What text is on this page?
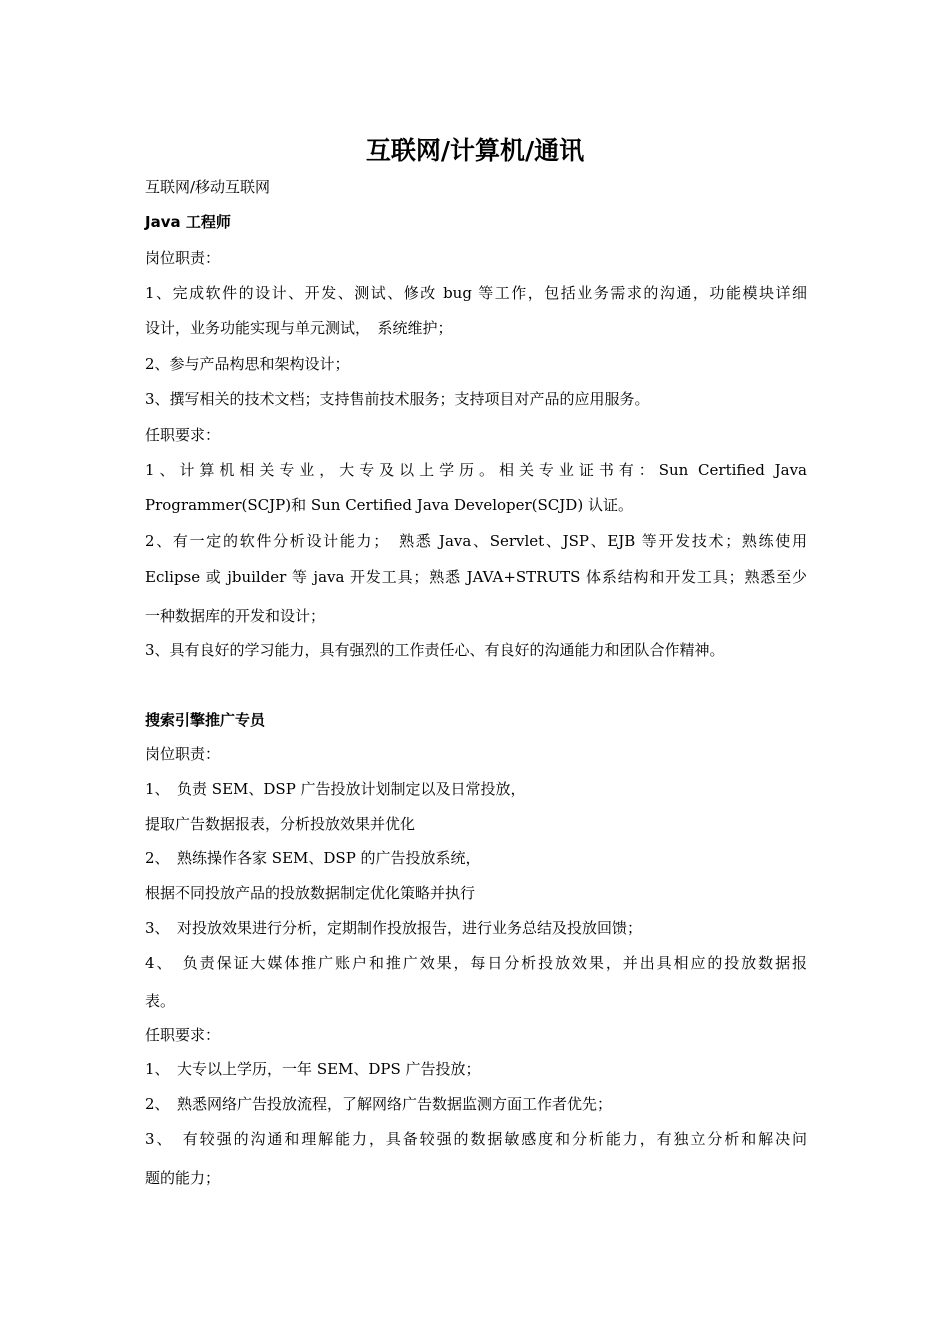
互联网/计算机/通讯
互联网/移动互联网
Java 工程师
岗位职责：
1、完成软件的设计、开发、测试、修改 bug 等工作，包括业务需求的沟通，功能模块详细
设计，业务功能实现与单元测试，　系统维护；
2、参与产品构思和架构设计；
3、撰写相关的技术文档；支持售前技术服务；支持项目对产品的应用服务。
任职要求：
1、计算机相关专业，大专及以上学历。相关专业证书有：Sun Certified Java
Programmer(SCJP)和 Sun Certified Java Developer(SCJD) 认证。
2、有一定的软件分析设计能力；　熟悉 Java、Servlet、JSP、EJB 等开发技术；熟练使用
Eclipse 或 jbuilder 等 java 开发工具；熟悉 JAVA+STRUTS 体系结构和开发工具；熟悉至少
一种数据库的开发和设计；
3、具有良好的学习能力，具有强烈的工作责任心、有良好的沟通能力和团队合作精神。
搜索引擎推广专员
岗位职责：
1、　负责 SEM、DSP 广告投放计划制定以及日常投放，
提取广告数据报表，分析投放效果并优化
2、　熟练操作各家 SEM、DSP 的广告投放系统，
根据不同投放产品的投放数据制定优化策略并执行
3、　对投放效果进行分析，定期制作投放报告，进行业务总结及投放回馈；
4、　负责保证大媒体推广账户和推广效果，每日分析投放效果，并出具相应的投放数据报
表。
任职要求：
1、　大专以上学历，一年 SEM、DPS 广告投放；
2、　熟悉网络广告投放流程，了解网络广告数据监测方面工作者优先；
3、　有较强的沟通和理解能力，具备较强的数据敏感度和分析能力，有独立分析和解决问
题的能力；
